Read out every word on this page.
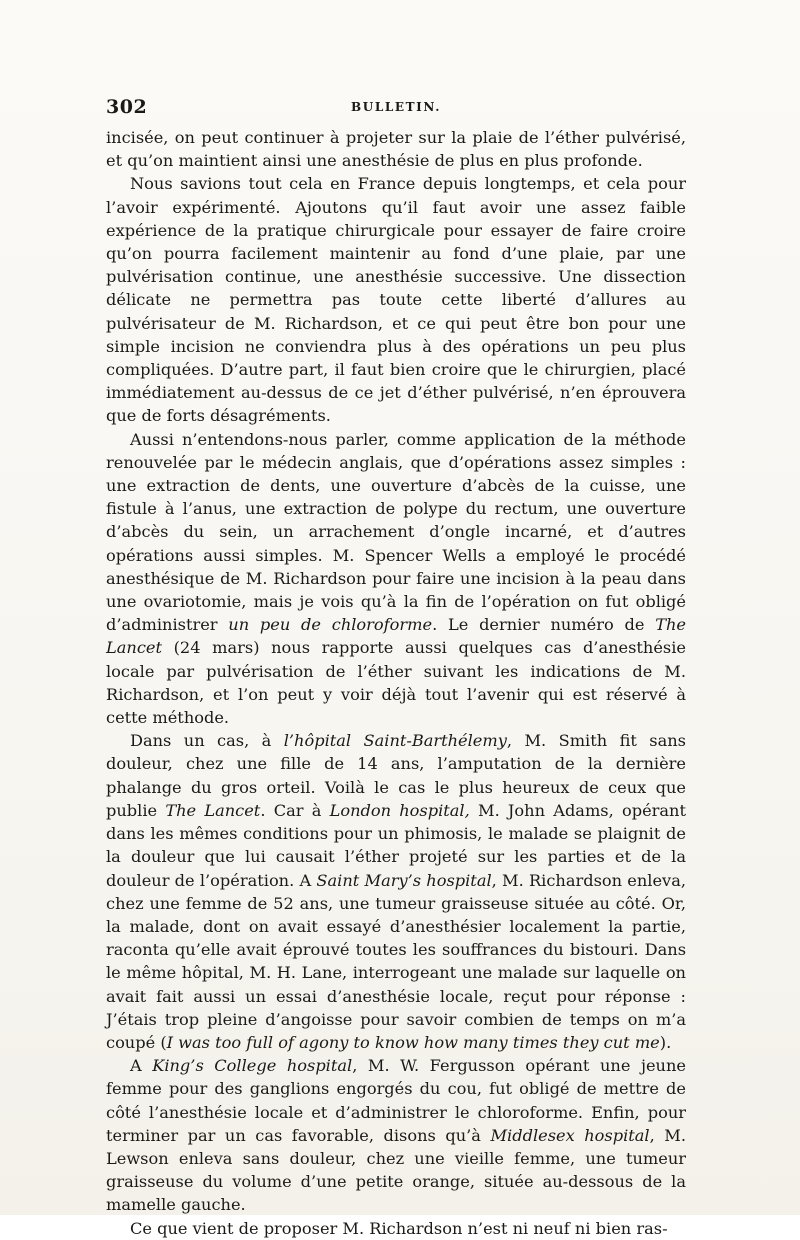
302	BULLETIN.

incisée, on peut continuer à projeter sur la plaie de l’éther pulvérisé, et qu’on maintient ainsi une anesthésie de plus en plus profonde.

Nous savions tout cela en France depuis longtemps, et cela pour l’avoir expérimenté. Ajoutons qu’il faut avoir une assez faible expérience de la pratique chirurgicale pour essayer de faire croire qu’on pourra facilement maintenir au fond d’une plaie, par une pulvérisation continue, une anesthésie successive. Une dissection délicate ne permettra pas toute cette liberté d’allures au pulvérisateur de M. Richardson, et ce qui peut être bon pour une simple incision ne conviendra plus à des opérations un peu plus compliquées. D’autre part, il faut bien croire que le chirurgien, placé immédiatement au-dessus de ce jet d’éther pulvérisé, n’en éprouvera que de forts désagréments.

Aussi n’entendons-nous parler, comme application de la méthode renouvelée par le médecin anglais, que d’opérations assez simples : une extraction de dents, une ouverture d’abcès de la cuisse, une fistule à l’anus, une extraction de polype du rectum, une ouverture d’abcès du sein, un arrachement d’ongle incarné, et d’autres opérations aussi simples. M. Spencer Wells a employé le procédé anesthésique de M. Richardson pour faire une incision à la peau dans une ovariotomie, mais je vois qu’à la fin de l’opération on fut obligé d’administrer un peu de chloroforme. Le dernier numéro de The Lancet (24 mars) nous rapporte aussi quelques cas d’anesthésie locale par pulvérisation de l’éther suivant les indications de M. Richardson, et l’on peut y voir déjà tout l’avenir qui est réservé à cette méthode.

Dans un cas, à l’hôpital Saint-Barthélemy, M. Smith fit sans douleur, chez une fille de 14 ans, l’amputation de la dernière phalange du gros orteil. Voilà le cas le plus heureux de ceux que publie The Lancet. Car à London hospital, M. John Adams, opérant dans les mêmes conditions pour un phimosis, le malade se plaignit de la douleur que lui causait l’éther projeté sur les parties et de la douleur de l’opération. A Saint Mary’s hospital, M. Richardson enleva, chez une femme de 52 ans, une tumeur graisseuse située au côté. Or, la malade, dont on avait essayé d’anesthésier localement la partie, raconta qu’elle avait éprouvé toutes les souffrances du bistouri. Dans le même hôpital, M. H. Lane, interrogeant une malade sur laquelle on avait fait aussi un essai d’anesthésie locale, reçut pour réponse : J’étais trop pleine d’angoisse pour savoir combien de temps on m’a coupé (I was too full of agony to know how many times they cut me).

A King’s College hospital, M. W. Fergusson opérant une jeune femme pour des ganglions engorgés du cou, fut obligé de mettre de côté l’anesthésie locale et d’administrer le chloroforme. Enfin, pour terminer par un cas favorable, disons qu’à Middlesex hospital, M. Lewson enleva sans douleur, chez une vieille femme, une tumeur graisseuse du volume d’une petite orange, située au-dessous de la mamelle gauche.

Ce que vient de proposer M. Richardson n’est ni neuf ni bien ras-
